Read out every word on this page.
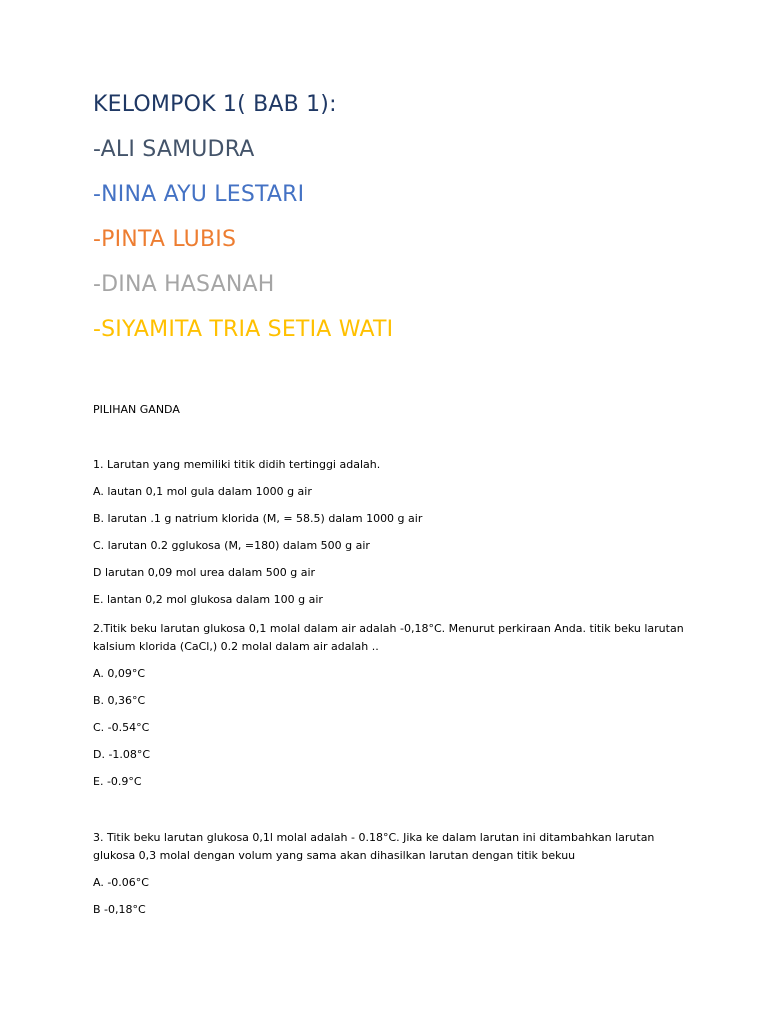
KELOMPOK 1( BAB 1):
-ALI SAMUDRA
-NINA AYU LESTARI
-PINTA LUBIS
-DINA HASANAH
-SIYAMITA TRIA SETIA WATI
PILIHAN GANDA
1. Larutan yang memiliki titik didih tertinggi adalah.
A. lautan 0,1 mol gula dalam 1000 g air
B. larutan .1 g natrium klorida (M, = 58.5) dalam 1000 g air
C. larutan 0.2 gglukosa (M, =180) dalam 500 g air
D larutan 0,09 mol urea dalam 500 g air
E. lantan 0,2 mol glukosa dalam 100 g air
2.Titik beku larutan glukosa 0,1 molal dalam air adalah -0,18°C. Menurut perkiraan Anda. titik beku larutan kalsium klorida (CaCl,) 0.2 molal dalam air adalah ..
A. 0,09°C
B. 0,36°C
C. -0.54°C
D. -1.08°C
E. -0.9°C
3. Titik beku larutan glukosa 0,1l molal adalah - 0.18°C. Jika ke dalam larutan ini ditambahkan larutan glukosa 0,3 molal dengan volum yang sama akan dihasilkan larutan dengan titik bekuu
A. -0.06°C
B -0,18°C
